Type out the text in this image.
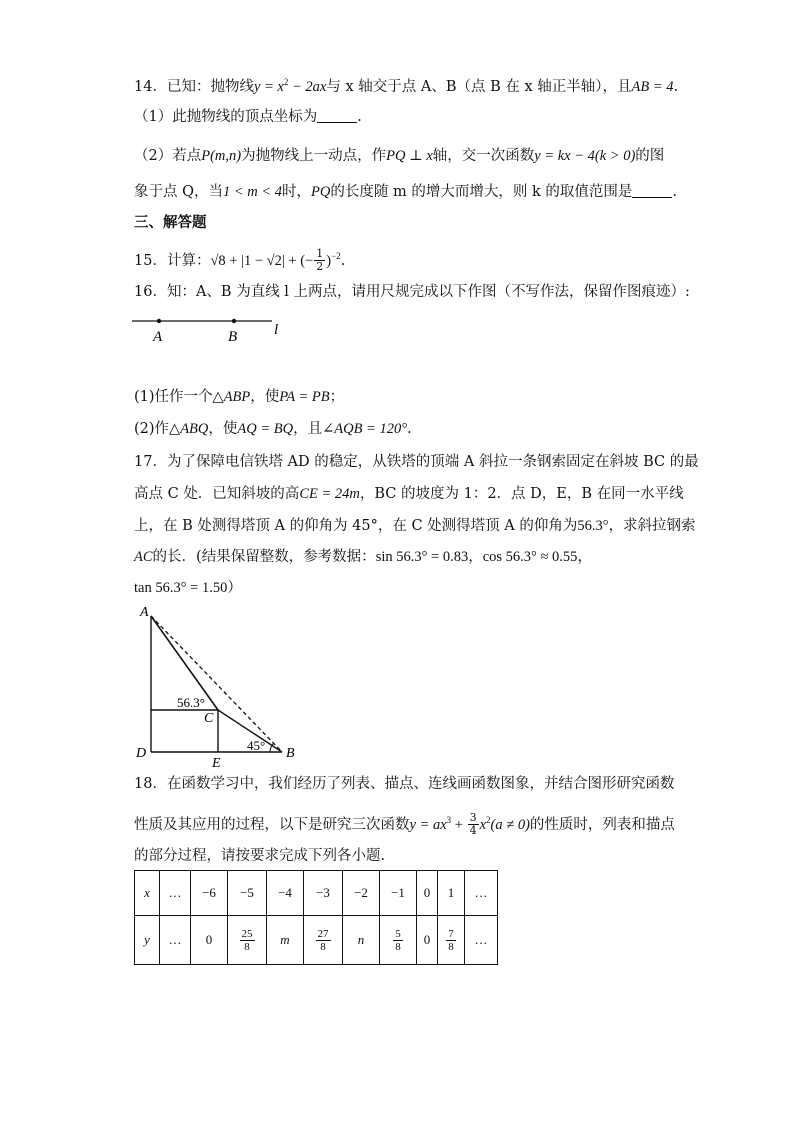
14．已知：抛物线$y = x^2 - 2ax$与 x 轴交于点 A、B（点 B 在 x 轴正半轴），且AB = 4.
（1）此抛物线的顶点坐标为	.
（2）若点P(m,n)为抛物线上一动点，作PQ ⊥ x轴，交一次函数y = kx − 4(k > 0)的图
象于点 Q，当1 < m < 4时，PQ的长度随 m 的增大而增大，则 k 的取值范围是	.
三、解答题
15．计算：√8 + |1 − √2| + (− $\frac{1}{2} )^{-2}$.
16．知：A、B 为直线 l 上两点，请用尺规完成以下作图（不写作法，保留作图痕迹）:
A	B l
(1)任作一个△ABP，使PA = PB；
(2)作△ABQ，使AQ = BQ，且∠AQB = 120°.
17．为了保障电信铁塔 AD 的稳定，从铁塔的顶端 A 斜拉一条钢索固定在斜坡 BC 的最
高点 C 处．已知斜坡的高CE = 24m，BC 的坡度为 1：2．点 D，E，B 在同一水平线
上，在 B 处测得塔顶 A 的仰角为 45°，在 C 处测得塔顶 A 的仰角为56.3°，求斜拉钢索
AC的长．(结果保留整数，参考数据：sin 56.3° = 0.83，cos 56.3° ≈ 0.55，
tan 56.3° = 1.50）
A
C
D
E
B
56.3°
45°
18．在函数学习中，我们经历了列表、描点、连线画函数图象，并结合图形研究函数
性质及其应用的过程，以下是研究三次函数$y = ax^3 + \frac{3}{4} x^2(a \ne 0)$的性质时，列表和描点
的部分过程，请按要求完成下列各小题.
x	…	−6	−5	−4	−3	−2	−1	0	1	…
y	…	0	$\frac{25}{8}$	m	$\frac{27}{8}$	n	$\frac{5}{8}$	0	$\frac{7}{8}$	…
